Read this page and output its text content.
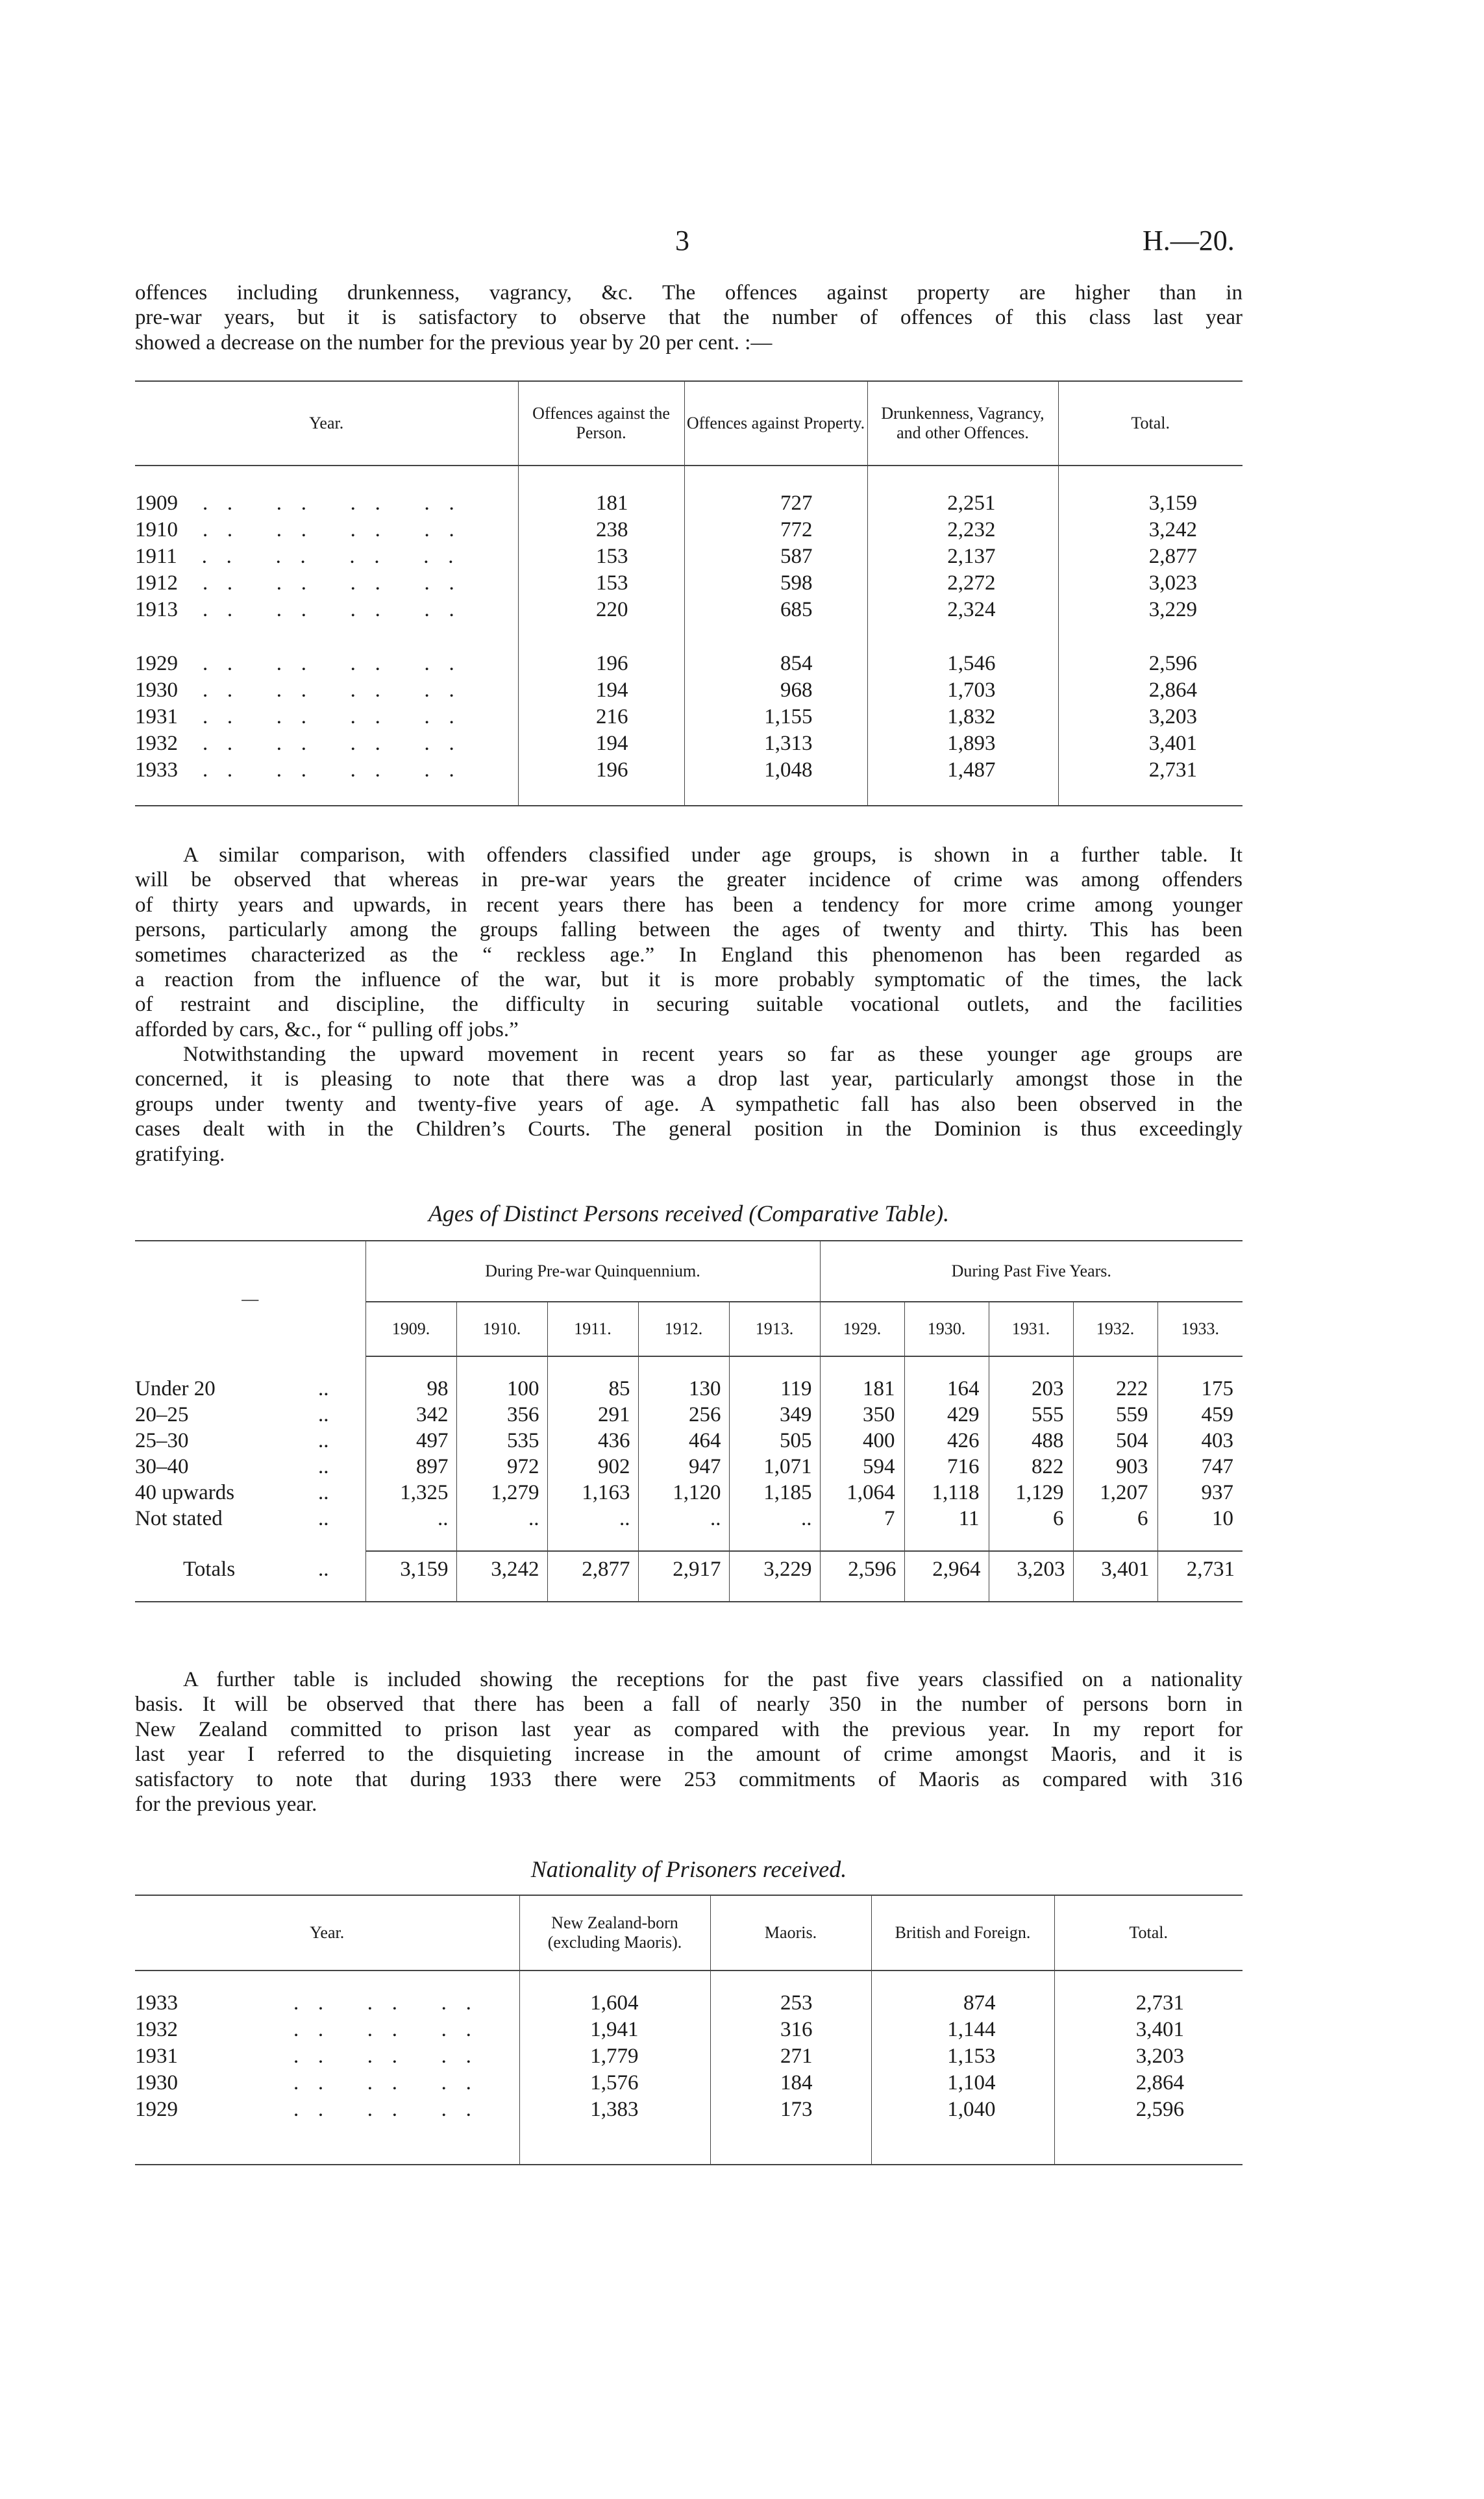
3	H.—20.
offences including drunkenness, vagrancy, &c. The offences against property are higher than in
pre-war years, but it is satisfactory to observe that the number of offences of this class last year
showed a decrease on the number for the previous year by 20 per cent. :—
Year.	Offences against the Person.	Offences against Property.	Drunkenness, Vagrancy, and other Offences.	Total.

1909 .. .. .. ..	181	727	2,251	3,159
1910 .. .. .. ..	238	772	2,232	3,242
1911 .. .. .. ..	153	587	2,137	2,877
1912 .. .. .. ..	153	598	2,272	3,023
1913 .. .. .. ..	220	685	2,324	3,229

1929 .. .. .. ..	196	854	1,546	2,596
1930 .. .. .. ..	194	968	1,703	2,864
1931 .. .. .. ..	216	1,155	1,832	3,203
1932 .. .. .. ..	194	1,313	1,893	3,401
1933 .. .. .. ..	196	1,048	1,487	2,731

A similar comparison, with offenders classified under age groups, is shown in a further table. It
will be observed that whereas in pre-war years the greater incidence of crime was among offenders
of thirty years and upwards, in recent years there has been a tendency for more crime among younger
persons, particularly among the groups falling between the ages of twenty and thirty. This has been
sometimes characterized as the “ reckless age.” In England this phenomenon has been regarded as
a reaction from the influence of the war, but it is more probably symptomatic of the times, the lack
of restraint and discipline, the difficulty in securing suitable vocational outlets, and the facilities
afforded by cars, &c., for “ pulling off jobs.”
Notwithstanding the upward movement in recent years so far as these younger age groups are
concerned, it is pleasing to note that there was a drop last year, particularly amongst those in the
groups under twenty and twenty-five years of age. A sympathetic fall has also been observed in the
cases dealt with in the Children’s Courts. The general position in the Dominion is thus exceedingly
gratifying.
Ages of Distinct Persons received (Comparative Table).
—	During Pre-war Quinquennium.					During Past Five Years.				
	1909.	1910.	1911.	1912.	1913.	1929.	1930.	1931.	1932.	1933.

Under 20 ..	98	100	85	130	119	181	164	203	222	175
20–25 ..	342	356	291	256	349	350	429	555	559	459
25–30 ..	497	535	436	464	505	400	426	488	504	403
30–40 ..	897	972	902	947	1,071	594	716	822	903	747
40 upwards ..	1,325	1,279	1,163	1,120	1,185	1,064	1,118	1,129	1,207	937
Not stated ..	..	..	..	..	..	7	11	6	6	10

Totals ..	3,159	3,242	2,877	2,917	3,229	2,596	2,964	3,203	3,401	2,731

A further table is included showing the receptions for the past five years classified on a nationality
basis. It will be observed that there has been a fall of nearly 350 in the number of persons born in
New Zealand committed to prison last year as compared with the previous year. In my report for
last year I referred to the disquieting increase in the amount of crime amongst Maoris, and it is
satisfactory to note that during 1933 there were 253 commitments of Maoris as compared with 316
for the previous year.
Nationality of Prisoners received.
Year.	New Zealand-born (excluding Maoris).	Maoris.	British and Foreign.	Total.

1933 .. .. ..	1,604	253	874	2,731
1932 .. .. ..	1,941	316	1,144	3,401
1931 .. .. ..	1,779	271	1,153	3,203
1930 .. .. ..	1,576	184	1,104	2,864
1929 .. .. ..	1,383	173	1,040	2,596
